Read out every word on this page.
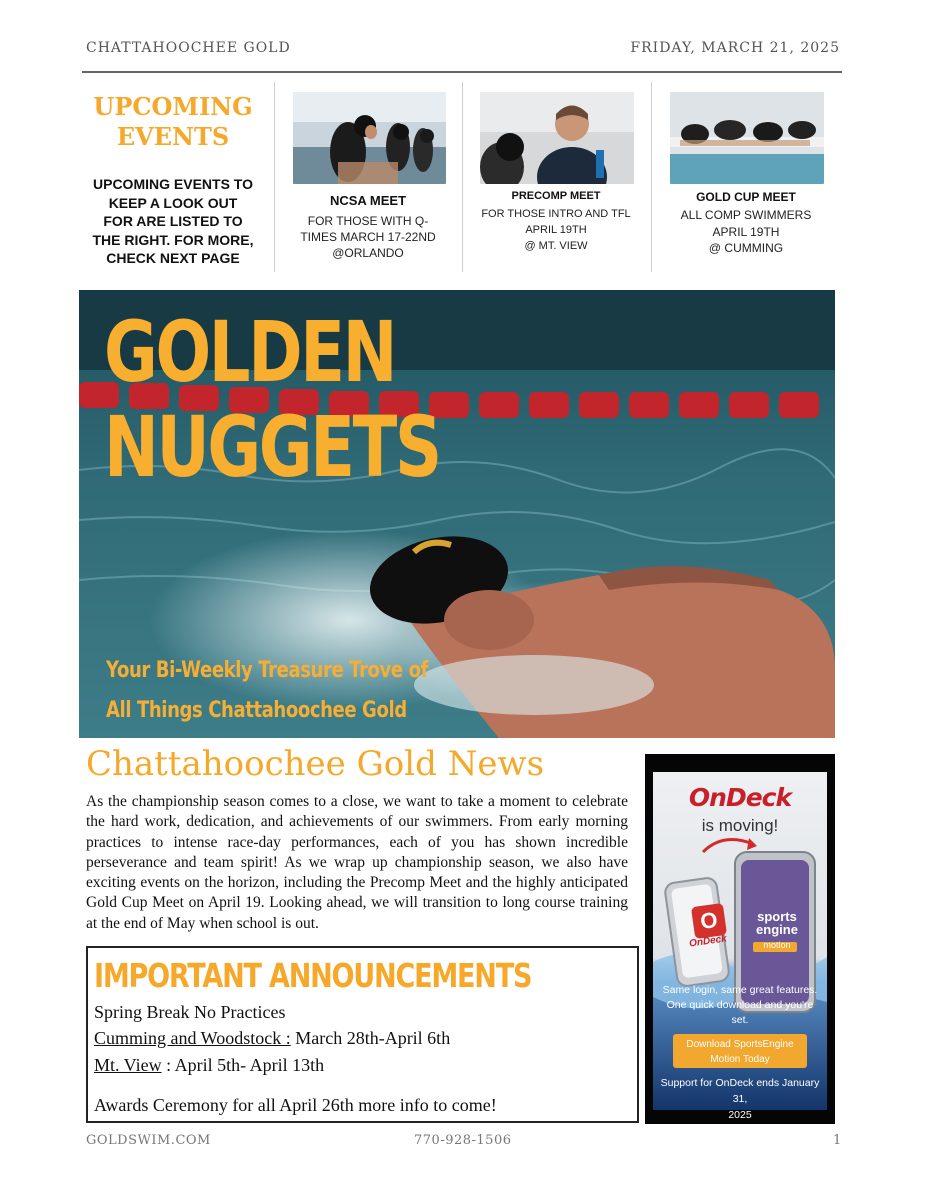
CHATTAHOOCHEE GOLD	FRIDAY, MARCH 21, 2025
UPCOMING
EVENTS
UPCOMING EVENTS TO KEEP A LOOK OUT FOR ARE LISTED TO THE RIGHT. FOR MORE, CHECK NEXT PAGE
NCSA MEET
FOR THOSE WITH Q-
TIMES MARCH 17-22ND
@ORLANDO
PRECOMP MEET
FOR THOSE INTRO AND TFL
APRIL 19TH
@ MT. VIEW
GOLD CUP MEET
ALL COMP SWIMMERS
APRIL 19TH
@ CUMMING
GOLDEN
NUGGETS
Your Bi-Weekly Treasure Trove of
All Things Chattahoochee Gold
Chattahoochee Gold News
As the championship season comes to a close, we want to take a moment to celebrate the hard work, dedication, and achievements of our swimmers. From early morning practices to intense race-day performances, each of you has shown incredible perseverance and team spirit! As we wrap up championship season, we also have exciting events on the horizon, including the Precomp Meet and the highly anticipated Gold Cup Meet on April 19. Looking ahead, we will transition to long course training at the end of May when school is out.
IMPORTANT ANNOUNCEMENTS
Spring Break No Practices
Cumming and Woodstock : March 28th-April 6th
Mt. View : April 5th- April 13th
Awards Ceremony for all April 26th more info to come!
OnDeck
is moving!
O
OnDeck
sports
engine
motion
Same login, same great features. One quick download and you're set.
Download SportsEngine
Motion Today
Support for OnDeck ends January 31,
2025
GOLDSWIM.COM	770-928-1506	1
